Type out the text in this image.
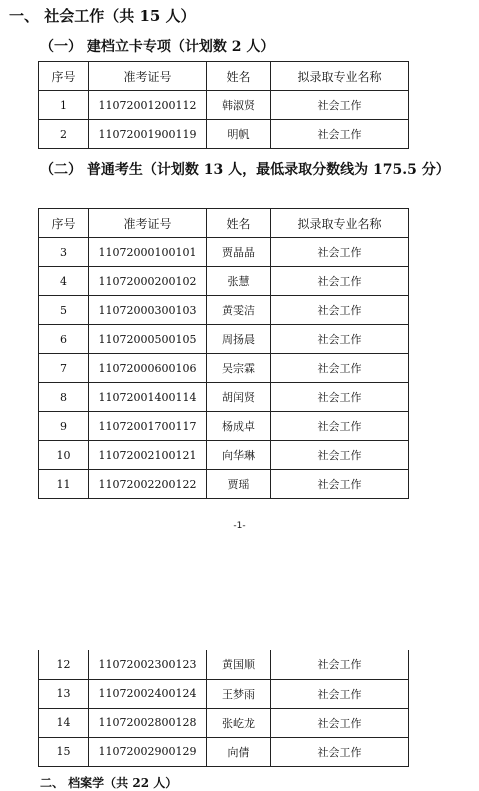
一、 社会工作（共 15 人）
（一） 建档立卡专项（计划数 2 人）
序号	准考证号	姓名	拟录取专业名称
1	11072001200112	韩淑贤	社会工作
2	11072001900119	明帆	社会工作
（二） 普通考生（计划数 13 人，最低录取分数线为 175.5 分）
序号	准考证号	姓名	拟录取专业名称
3	11072000100101	贾晶晶	社会工作
4	11072000200102	张慧	社会工作
5	11072000300103	黄雯洁	社会工作
6	11072000500105	周扬晨	社会工作
7	11072000600106	吴宗霖	社会工作
8	11072001400114	胡闰贤	社会工作
9	11072001700117	杨成卓	社会工作
10	11072002100121	向华琳	社会工作
11	11072002200122	贾瑶	社会工作
-1-
12	11072002300123	黄国顺	社会工作
13	11072002400124	王梦雨	社会工作
14	11072002800128	张屹龙	社会工作
15	11072002900129	向倩	社会工作
二、 档案学（共 22 人）
